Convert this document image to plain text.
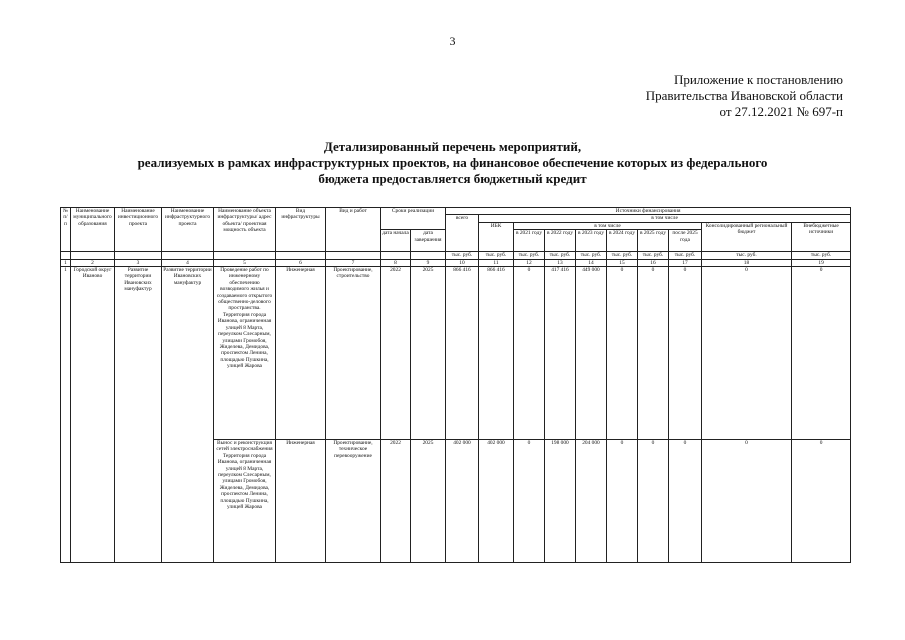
3
Приложение к постановлению
Правительства Ивановской области
от 27.12.2021 № 697-п
Детализированный перечень мероприятий,
реализуемых в рамках инфраструктурных проектов, на финансовое обеспечение которых из федерального
бюджета предоставляется бюджетный кредит
№ п/п	Наименование муниципального образования	Наименование инвестиционного проекта	Наименование инфраструктурного проекта	Наименование объекта инфраструктуры/ адрес объекта/ проектная мощность объекта	Вид инфраструктуры	Вид и работ	Сроки реализации		Источники финансирования									
									всего	в том числе								
										ИБК	в том числе						Консолидированный региональный бюджет	Внебюджетные источники
							дата начала	дата завершения			в 2021 году	в 2022 году	в 2023 году	в 2024 году	в 2025 году	после 2025 года		
									тыс. руб.	тыс. руб.	тыс. руб.	тыс. руб.	тыс. руб.	тыс. руб.	тыс. руб.	тыс. руб.	тыс. руб.	тыс. руб.
1	2	3	4	5	6	7	8	9	10	11	12	13	14	15	16	17	18	19
1	Городской округ Иваново	Развитие территории Ивановских мануфактур	Развитие территории Ивановских мануфактур	Проведение работ по инженерному обеспечению возводимого жилья и создаваемого открытого общественно-делового пространства. Территория города Иванова, ограниченная улицей 8 Марта, переулком Слесарным, улицами Громобоя, Жиделева, Демидова, проспектом Ленина, площадью Пушкина, улицей Жарова	Инженерная	Проектирование, строительство	2022	2025	866 416	866 416	0	417 416	449 000	0	0	0	0	0
				Вынос и реконструкция сетей электроснабжения Территория города Иванова, ограниченная улицей 8 Марта, переулком Слесарным, улицами Громобоя, Жиделева, Демидова, проспектом Ленина, площадью Пушкина, улицей Жарова	Инженерная	Проектирование, техническое перевооружение	2022	2025	402 000	402 000	0	198 000	204 000	0	0	0	0	0
